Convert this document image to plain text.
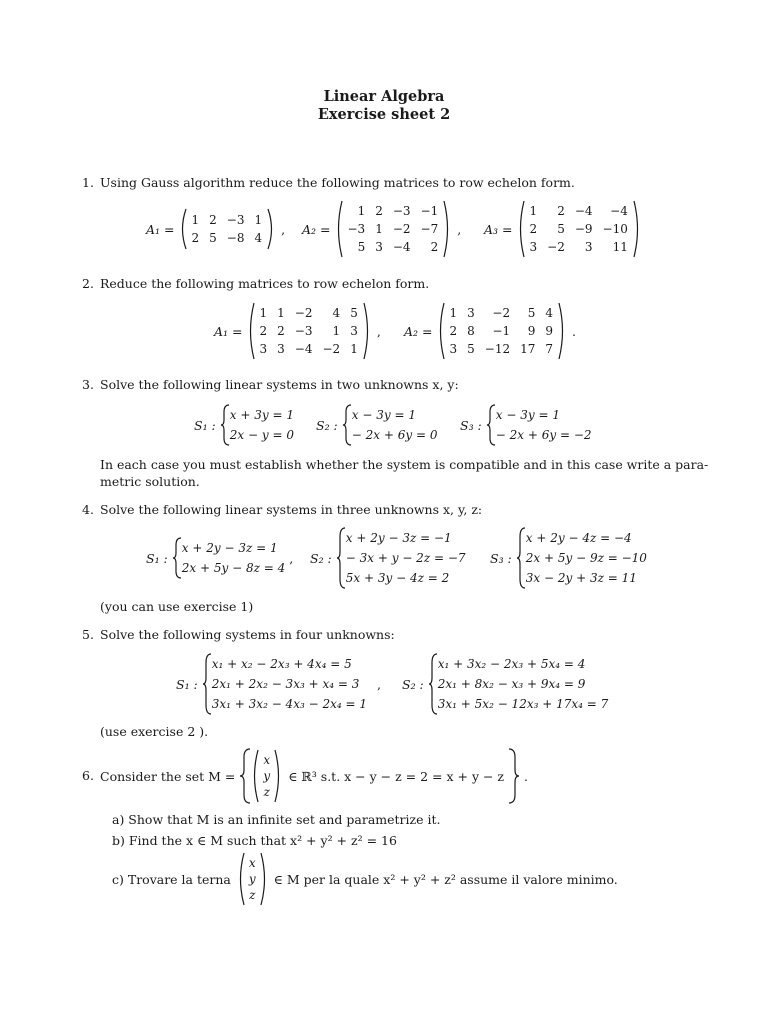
Linear Algebra
Exercise sheet 2
1. Using Gauss algorithm reduce the following matrices to row echelon form.
A₁ =
1	2	−3	1
2	5	−8	4
, A₂ =
1	2	−3	−1
−3	1	−2	−7
5	3	−4	2
, A₃ =
1	2	−4	−4
2	5	−9	−10
3	−2	3	11
2. Reduce the following matrices to row echelon form.
A₁ =
1	1	−2	4	5
2	2	−3	1	3
3	3	−4	−2	1
, A₂ =
1	3	−2	5	4
2	8	−1	9	9
3	5	−12	17	7
.
3. Solve the following linear systems in two unknowns x, y:
S₁ :
x + 3y = 1
2x − y = 0
S₂ :
x − 3y = 1
− 2x + 6y = 0
S₃ :
x − 3y = 1
− 2x + 6y = −2
In each case you must establish whether the system is compatible and in this case write a para-
metric solution.
4. Solve the following linear systems in three unknowns x, y, z:
S₁ :
x + 2y − 3z = 1
2x + 5y − 8z = 4
, S₂ :
x + 2y − 3z = −1
− 3x + y − 2z = −7
5x + 3y − 4z = 2
S₃ :
x + 2y − 4z = −4
2x + 5y − 9z = −10
3x − 2y + 3z = 11
(you can use exercise 1)
5. Solve the following systems in four unknowns:
S₁ :
x₁ + x₂ − 2x₃ + 4x₄ = 5
2x₁ + 2x₂ − 3x₃ + x₄ = 3
3x₁ + 3x₂ − 4x₃ − 2x₄ = 1
, S₂ :
x₁ + 3x₂ − 2x₃ + 5x₄ = 4
2x₁ + 8x₂ − x₃ + 9x₄ = 9
3x₁ + 5x₂ − 12x₃ + 17x₄ = 7
(use exercise 2 ).
6. Consider the set M =
x
y
z
∈ ℝ³ s.t. x − y − z = 2 = x + y − z .
a) Show that M is an infinite set and parametrize it.
b) Find the x ∈ M such that x² + y² + z² = 16
c) Trovare la terna
x
y
z
∈ M per la quale x² + y² + z² assume il valore minimo.
